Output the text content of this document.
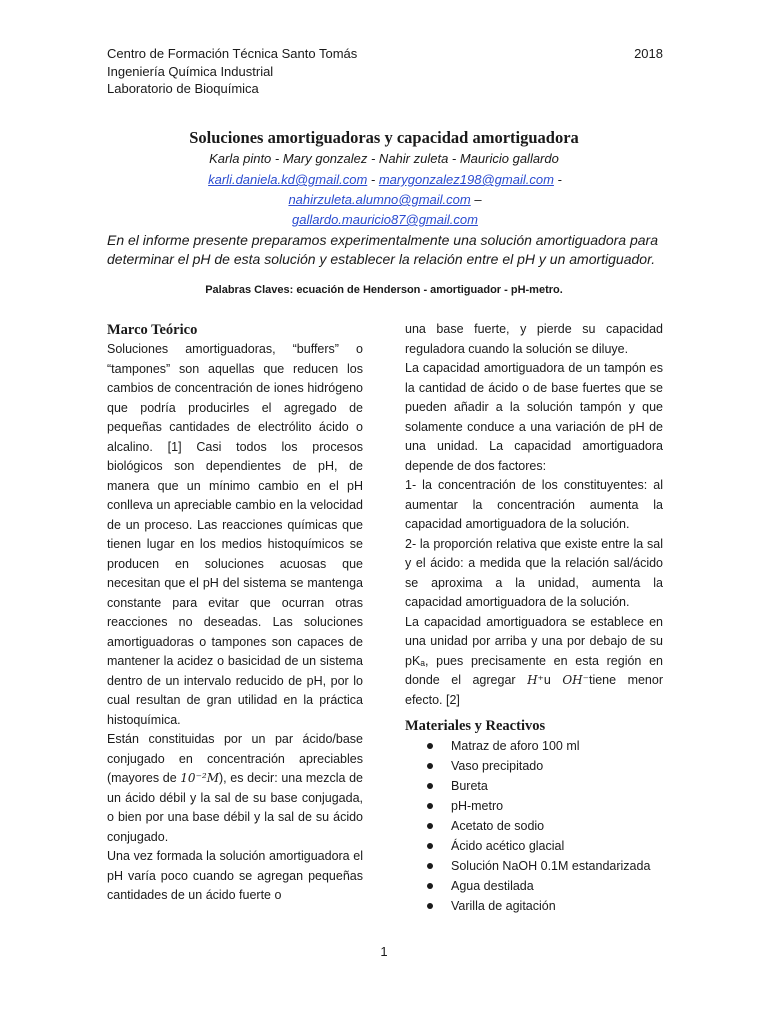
Centro de Formación Técnica Santo Tomás
Ingeniería Química Industrial
Laboratorio de Bioquímica
2018
Soluciones amortiguadoras y capacidad amortiguadora
Karla pinto - Mary gonzalez - Nahir zuleta - Mauricio gallardo
karli.daniela.kd@gmail.com - marygonzalez198@gmail.com - nahirzuleta.alumno@gmail.com –
gallardo.mauricio87@gmail.com
En el informe presente preparamos experimentalmente una solución amortiguadora para determinar el pH de esta solución y establecer la relación entre el pH y un amortiguador.
Palabras Claves: ecuación de Henderson - amortiguador - pH-metro.
Marco Teórico

Soluciones amortiguadoras, “buffers” o “tampones” son aquellas que reducen los cambios de concentración de iones hidrógeno que podría producirles el agregado de pequeñas cantidades de electrólito ácido o alcalino. [1] Casi todos los procesos biológicos son dependientes de pH, de manera que un mínimo cambio en el pH conlleva un apreciable cambio en la velocidad de un proceso. Las reacciones químicas que tienen lugar en los medios histoquímicos se producen en soluciones acuosas que necesitan que el pH del sistema se mantenga constante para evitar que ocurran otras reacciones no deseadas. Las soluciones amortiguadoras o tampones son capaces de mantener la acidez o basicidad de un sistema dentro de un intervalo reducido de pH, por lo cual resultan de gran utilidad en la práctica histoquímica.

Están constituidas por un par ácido/base conjugado en concentración apreciables (mayores de 10⁻²M), es decir: una mezcla de un ácido débil y la sal de su base conjugada, o bien por una base débil y la sal de su ácido conjugado.

Una vez formada la solución amortiguadora el pH varía poco cuando se agregan pequeñas cantidades de un ácido fuerte o

una base fuerte, y pierde su capacidad reguladora cuando la solución se diluye.

La capacidad amortiguadora de un tampón es la cantidad de ácido o de base fuertes que se pueden añadir a la solución tampón y que solamente conduce a una variación de pH de una unidad. La capacidad amortiguadora depende de dos factores:

1- la concentración de los constituyentes: al aumentar la concentración aumenta la capacidad amortiguadora de la solución.

2- la proporción relativa que existe entre la sal y el ácido: a medida que la relación sal/ácido se aproxima a la unidad, aumenta la capacidad amortiguadora de la solución.

La capacidad amortiguadora se establece en una unidad por arriba y una por debajo de su pKₐ, pues precisamente en esta región en donde el agregar H⁺u OH⁻tiene menor efecto. [2]

Materiales y Reactivos
Matraz de aforo 100 ml
Vaso precipitado
Bureta
pH-metro
Acetato de sodio
Ácido acético glacial
Solución NaOH 0.1M estandarizada
Agua destilada
Varilla de agitación
1
